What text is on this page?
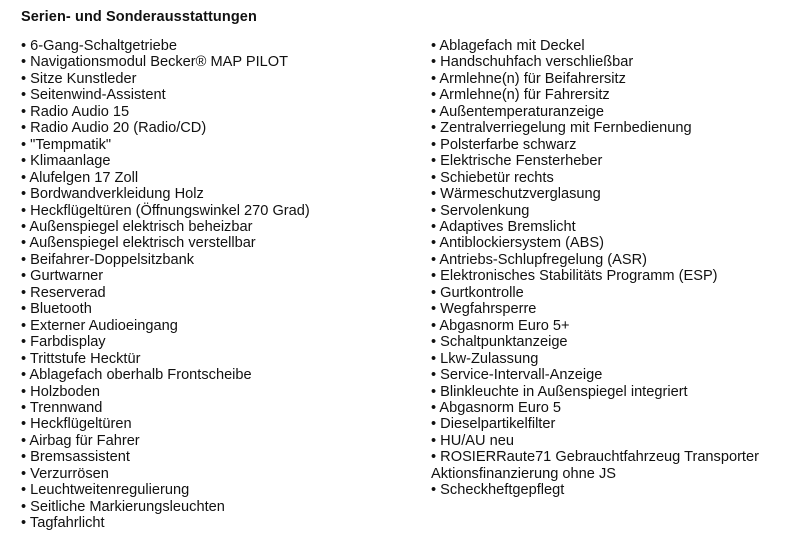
Serien- und Sonderausstattungen
• 6-Gang-Schaltgetriebe
• Navigationsmodul Becker® MAP PILOT
• Sitze Kunstleder
• Seitenwind-Assistent
• Radio Audio 15
• Radio Audio 20 (Radio/CD)
• "Tempmatik"
• Klimaanlage
• Alufelgen 17 Zoll
• Bordwandverkleidung Holz
• Heckflügeltüren (Öffnungswinkel 270 Grad)
• Außenspiegel elektrisch beheizbar
• Außenspiegel elektrisch verstellbar
• Beifahrer-Doppelsitzbank
• Gurtwarner
• Reserverad
• Bluetooth
• Externer Audioeingang
• Farbdisplay
• Trittstufe Hecktür
• Ablagefach oberhalb Frontscheibe
• Holzboden
• Trennwand
• Heckflügeltüren
• Airbag für Fahrer
• Bremsassistent
• Verzurrösen
• Leuchtweitenregulierung
• Seitliche Markierungsleuchten
• Tagfahrlicht
• Ablagefach mit Deckel
• Handschuhfach verschließbar
• Armlehne(n) für Beifahrersitz
• Armlehne(n) für Fahrersitz
• Außentemperaturanzeige
• Zentralverriegelung mit Fernbedienung
• Polsterfarbe schwarz
• Elektrische Fensterheber
• Schiebetür rechts
• Wärmeschutzverglasung
• Servolenkung
• Adaptives Bremslicht
• Antiblockiersystem (ABS)
• Antriebs-Schlupfregelung (ASR)
• Elektronisches Stabilitäts Programm (ESP)
• Gurtkontrolle
• Wegfahrsperre
• Abgasnorm Euro 5+
• Schaltpunktanzeige
• Lkw-Zulassung
• Service-Intervall-Anzeige
• Blinkleuchte in Außenspiegel integriert
• Abgasnorm Euro 5
• Dieselpartikelfilter
• HU/AU neu
• ROSIERRaute71 Gebrauchtfahrzeug Transporter Aktionsfinanzierung ohne JS
• Scheckheftgepflegt
